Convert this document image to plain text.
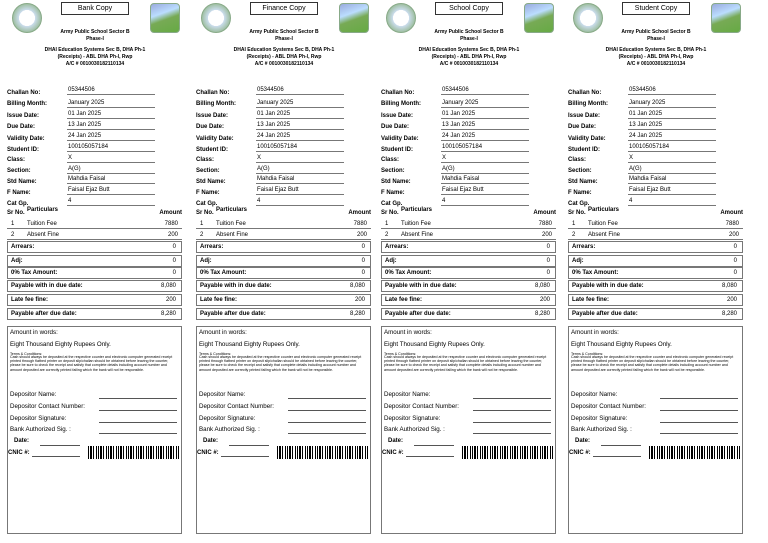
Bank Copy
Army Public School Sector B
Phase-I
DHAI Education Systems Sec B, DHA Ph-1
(Receipts) - ABL DHA Ph-I, Rwp
A/C # 0010030182110134
Challan No:	05344506
Billing Month:	January 2025
Issue Date:	01 Jan 2025
Due Date:	13 Jan 2025
Validity Date:	24 Jan 2025
Student ID:	100105057184
Class:	X
Section:	A(G)
Std Name:	Mahdia Faisal
F Name:	Faisal Ejaz Butt
Cat Gp.	4
Sr No. Particulars	Amount
1 Tuition Fee	7880
2 Absent Fine	200
Arrears:	0
Adj:	0
0% Tax Amount:	0
Payable with in due date:	8,080
Late fee fine:	200
Payable after due date:	8,280
Amount in words:
Eight Thousand Eighty Rupees Only.
Terms & Conditions:
Cash should always be deposited at the respective counter and electronic computer generated receipt printed through flatbed printer on deposit slip/challan should be obtained before leaving the counter, please be sure to check the receipt and satisfy that complete details including account number and amount deposited are correctly printed failing which the bank will not be responsible.
Depositor Name:
Depositor Contact Number:
Depositor Signature:
Bank Authorized Sig. :
Date:
CNIC #:
Finance Copy
Army Public School Sector B
Phase-I
DHAI Education Systems Sec B, DHA Ph-1
(Receipts) - ABL DHA Ph-I, Rwp
A/C # 0010030182110134
Challan No:	05344506
Billing Month:	January 2025
Issue Date:	01 Jan 2025
Due Date:	13 Jan 2025
Validity Date:	24 Jan 2025
Student ID:	100105057184
Class:	X
Section:	A(G)
Std Name:	Mahdia Faisal
F Name:	Faisal Ejaz Butt
Cat Gp.	4
Sr No. Particulars	Amount
1 Tuition Fee	7880
2 Absent Fine	200
Arrears:	0
Adj:	0
0% Tax Amount:	0
Payable with in due date:	8,080
Late fee fine:	200
Payable after due date:	8,280
Amount in words:
Eight Thousand Eighty Rupees Only.
Terms & Conditions:
Cash should always be deposited at the respective counter and electronic computer generated receipt printed through flatbed printer on deposit slip/challan should be obtained before leaving the counter, please be sure to check the receipt and satisfy that complete details including account number and amount deposited are correctly printed failing which the bank will not be responsible.
Depositor Name:
Depositor Contact Number:
Depositor Signature:
Bank Authorized Sig. :
Date:
CNIC #:
School Copy
Army Public School Sector B
Phase-I
DHAI Education Systems Sec B, DHA Ph-1
(Receipts) - ABL DHA Ph-I, Rwp
A/C # 0010030182110134
Challan No:	05344506
Billing Month:	January 2025
Issue Date:	01 Jan 2025
Due Date:	13 Jan 2025
Validity Date:	24 Jan 2025
Student ID:	100105057184
Class:	X
Section:	A(G)
Std Name:	Mahdia Faisal
F Name:	Faisal Ejaz Butt
Cat Gp.	4
Sr No. Particulars	Amount
1 Tuition Fee	7880
2 Absent Fine	200
Arrears:	0
Adj:	0
0% Tax Amount:	0
Payable with in due date:	8,080
Late fee fine:	200
Payable after due date:	8,280
Amount in words:
Eight Thousand Eighty Rupees Only.
Terms & Conditions:
Cash should always be deposited at the respective counter and electronic computer generated receipt printed through flatbed printer on deposit slip/challan should be obtained before leaving the counter, please be sure to check the receipt and satisfy that complete details including account number and amount deposited are correctly printed failing which the bank will not be responsible.
Depositor Name:
Depositor Contact Number:
Depositor Signature:
Bank Authorized Sig. :
Date:
CNIC #:
Student Copy
Army Public School Sector B
Phase-I
DHAI Education Systems Sec B, DHA Ph-1
(Receipts) - ABL DHA Ph-I, Rwp
A/C # 0010030182110134
Challan No:	05344506
Billing Month:	January 2025
Issue Date:	01 Jan 2025
Due Date:	13 Jan 2025
Validity Date:	24 Jan 2025
Student ID:	100105057184
Class:	X
Section:	A(G)
Std Name:	Mahdia Faisal
F Name:	Faisal Ejaz Butt
Cat Gp.	4
Sr No. Particulars	Amount
1 Tuition Fee	7880
2 Absent Fine	200
Arrears:	0
Adj:	0
0% Tax Amount:	0
Payable with in due date:	8,080
Late fee fine:	200
Payable after due date:	8,280
Amount in words:
Eight Thousand Eighty Rupees Only.
Terms & Conditions:
Cash should always be deposited at the respective counter and electronic computer generated receipt printed through flatbed printer on deposit slip/challan should be obtained before leaving the counter, please be sure to check the receipt and satisfy that complete details including account number and amount deposited are correctly printed failing which the bank will not be responsible.
Depositor Name:
Depositor Contact Number:
Depositor Signature:
Bank Authorized Sig. :
Date:
CNIC #:
